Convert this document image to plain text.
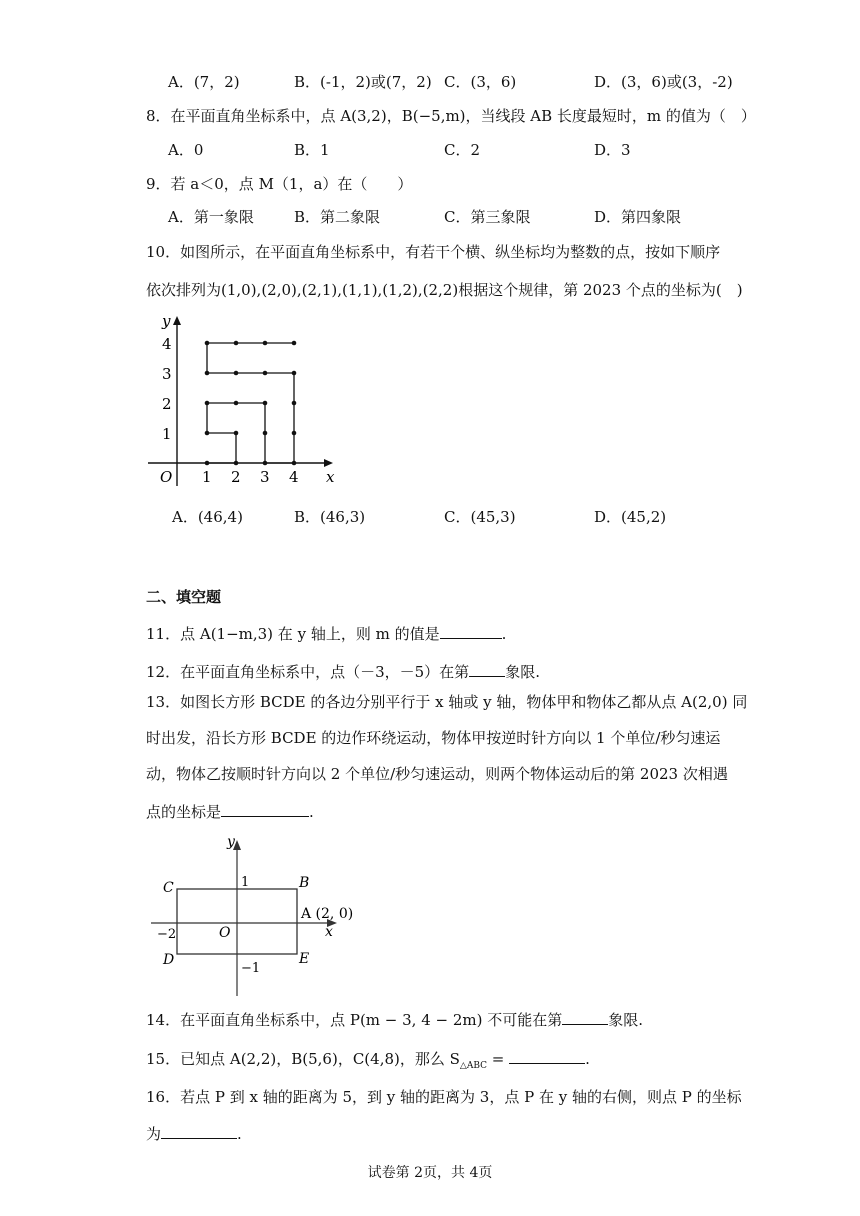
A．(7，2)	B．(-1，2)或(7，2) C．(3，6)	D．(3，6)或(3，-2)
8．在平面直角坐标系中，点 A(3,2)，B(−5,m)，当线段 AB 长度最短时，m 的值为（　）
A．0	B．1	C．2	D．3
9．若 a＜0，点 M（1，a）在（　　）
A．第一象限	B．第二象限	C．第三象限	D．第四象限
10．如图所示，在平面直角坐标系中，有若干个横、纵坐标均为整数的点，按如下顺序
依次排列为(1,0),(2,0),(2,1),(1,1),(1,2),(2,2)根据这个规律，第 2023 个点的坐标为(　)
y
x
O 1 2 3 4
1
2
3
4
A．(46,4)	B．(46,3)	C．(45,3)	D．(45,2)
二、填空题
11．点 A(1−m,3) 在 y 轴上，则 m 的值是	.
12．在平面直角坐标系中，点（－3，－5）在第 象限.
13．如图长方形 BCDE 的各边分别平行于 x 轴或 y 轴，物体甲和物体乙都从点 A(2,0) 同
时出发，沿长方形 BCDE 的边作环绕运动，物体甲按逆时针方向以 1 个单位/秒匀速运
动，物体乙按顺时针方向以 2 个单位/秒匀速运动，则两个物体运动后的第 2023 次相遇
点的坐标是	.
y
x
O
C	B
D	E
A (2, 0)
1
−1
−2
14．在平面直角坐标系中，点 P(m − 3, 4 − 2m) 不可能在第	象限.
15．已知点 A(2,2)，B(5,6)，C(4,8)，那么 $S_{\triangle ABC}$ =	.
16．若点 P 到 x 轴的距离为 5，到 y 轴的距离为 3，点 P 在 y 轴的右侧，则点 P 的坐标
为	.
试卷第 2页，共 4页
